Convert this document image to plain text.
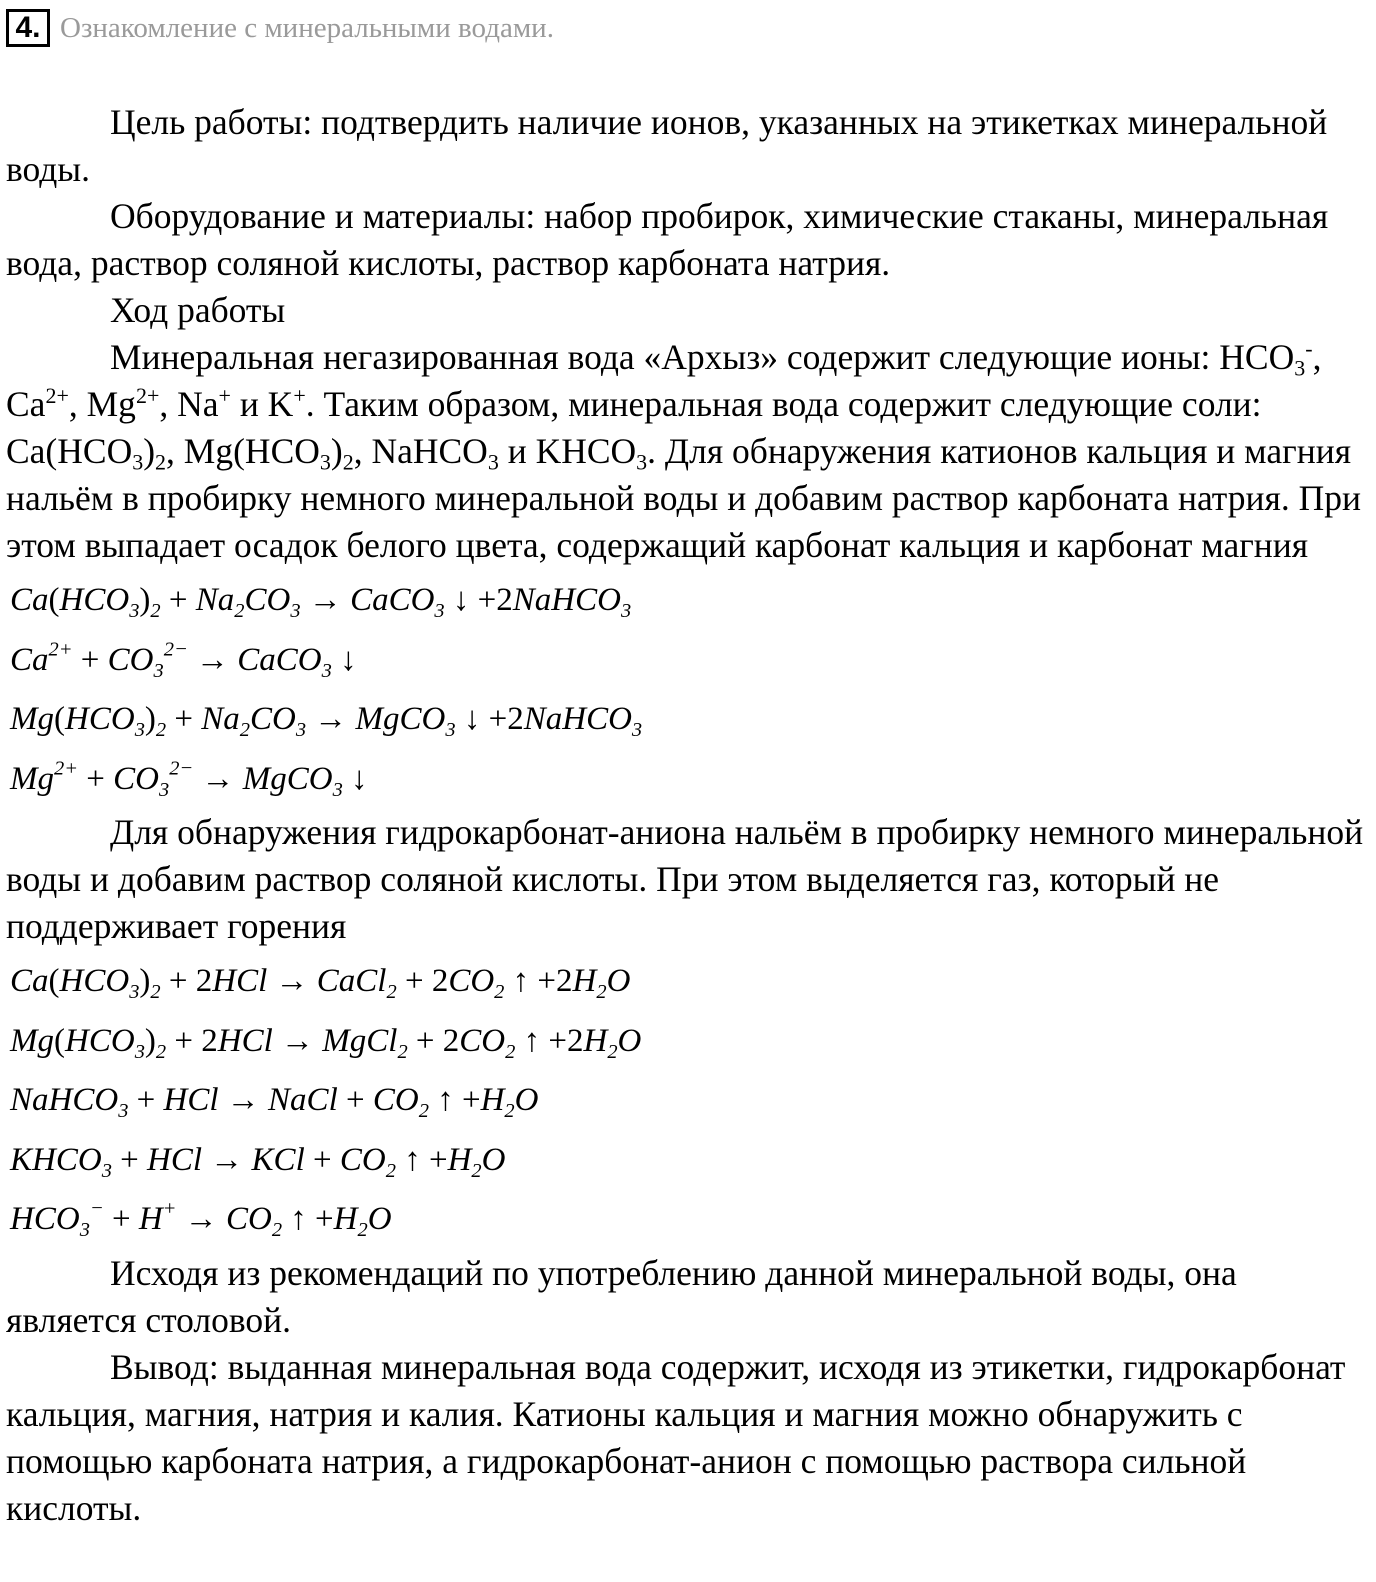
4. Ознакомление с минеральными водами.

Цель работы: подтвердить наличие ионов, указанных на этикетках минеральной воды.

Оборудование и материалы: набор пробирок, химические стаканы, минеральная вода, раствор соляной кислоты, раствор карбоната натрия.

Ход работы

Минеральная негазированная вода «Архыз» содержит следующие ионы: $HCO_3^-$, $Ca^{2+}$, $Mg^{2+}$, Na+ и K+. Таким образом, минеральная вода содержит следующие соли: $Ca(HCO_3)_2$, $Mg(HCO_3)_2$, NaHCO$_3$ и $KHCO_3$. Для обнаружения катионов кальция и магния нальём в пробирку немного минеральной воды и добавим раствор карбоната натрия. При этом выпадает осадок белого цвета, содержащий карбонат кальция и карбонат магния

$Ca(HCO_3)_2 + Na_2CO_3$ → CaCO$_3$ ↓ +2NaHCO$_3$
$Ca^{2+} + CO_3^{2-}$ → CaCO$_3$ ↓
$Mg(HCO_3)_2 + Na_2CO_3$ → MgCO$_3$ ↓ +2NaHCO$_3$
$Mg^{2+} + CO_3^{2-}$ → MgCO$_3$ ↓

Для обнаружения гидрокарбонат-аниона нальём в пробирку немного минеральной воды и добавим раствор соляной кислоты. При этом выделяется газ, который не поддерживает горения

$Ca(HCO_3)_2 + 2HCl$ → CaCl$_2$ + $2CO_2$ ↑ $+2H_2O$
$Mg(HCO_3)_2 + 2HCl$ → MgCl$_2$ + $2CO_2$ ↑ $+2H_2O$
NaHCO$_3$ + HCl → NaCl + $CO_2$ ↑ $+H_2O$
$KHCO_3$ + HCl → KCl + $CO_2$ ↑ $+H_2O$
$HCO_3^- + H^+ \to CO_2$ ↑ $+H_2O$

Исходя из рекомендаций по употреблению данной минеральной воды, она является столовой.

Вывод: выданная минеральная вода содержит, исходя из этикетки, гидрокарбонат кальция, магния, натрия и калия. Катионы кальция и магния можно обнаружить с помощью карбоната натрия, а гидрокарбонат-анион с помощью раствора сильной кислоты.
